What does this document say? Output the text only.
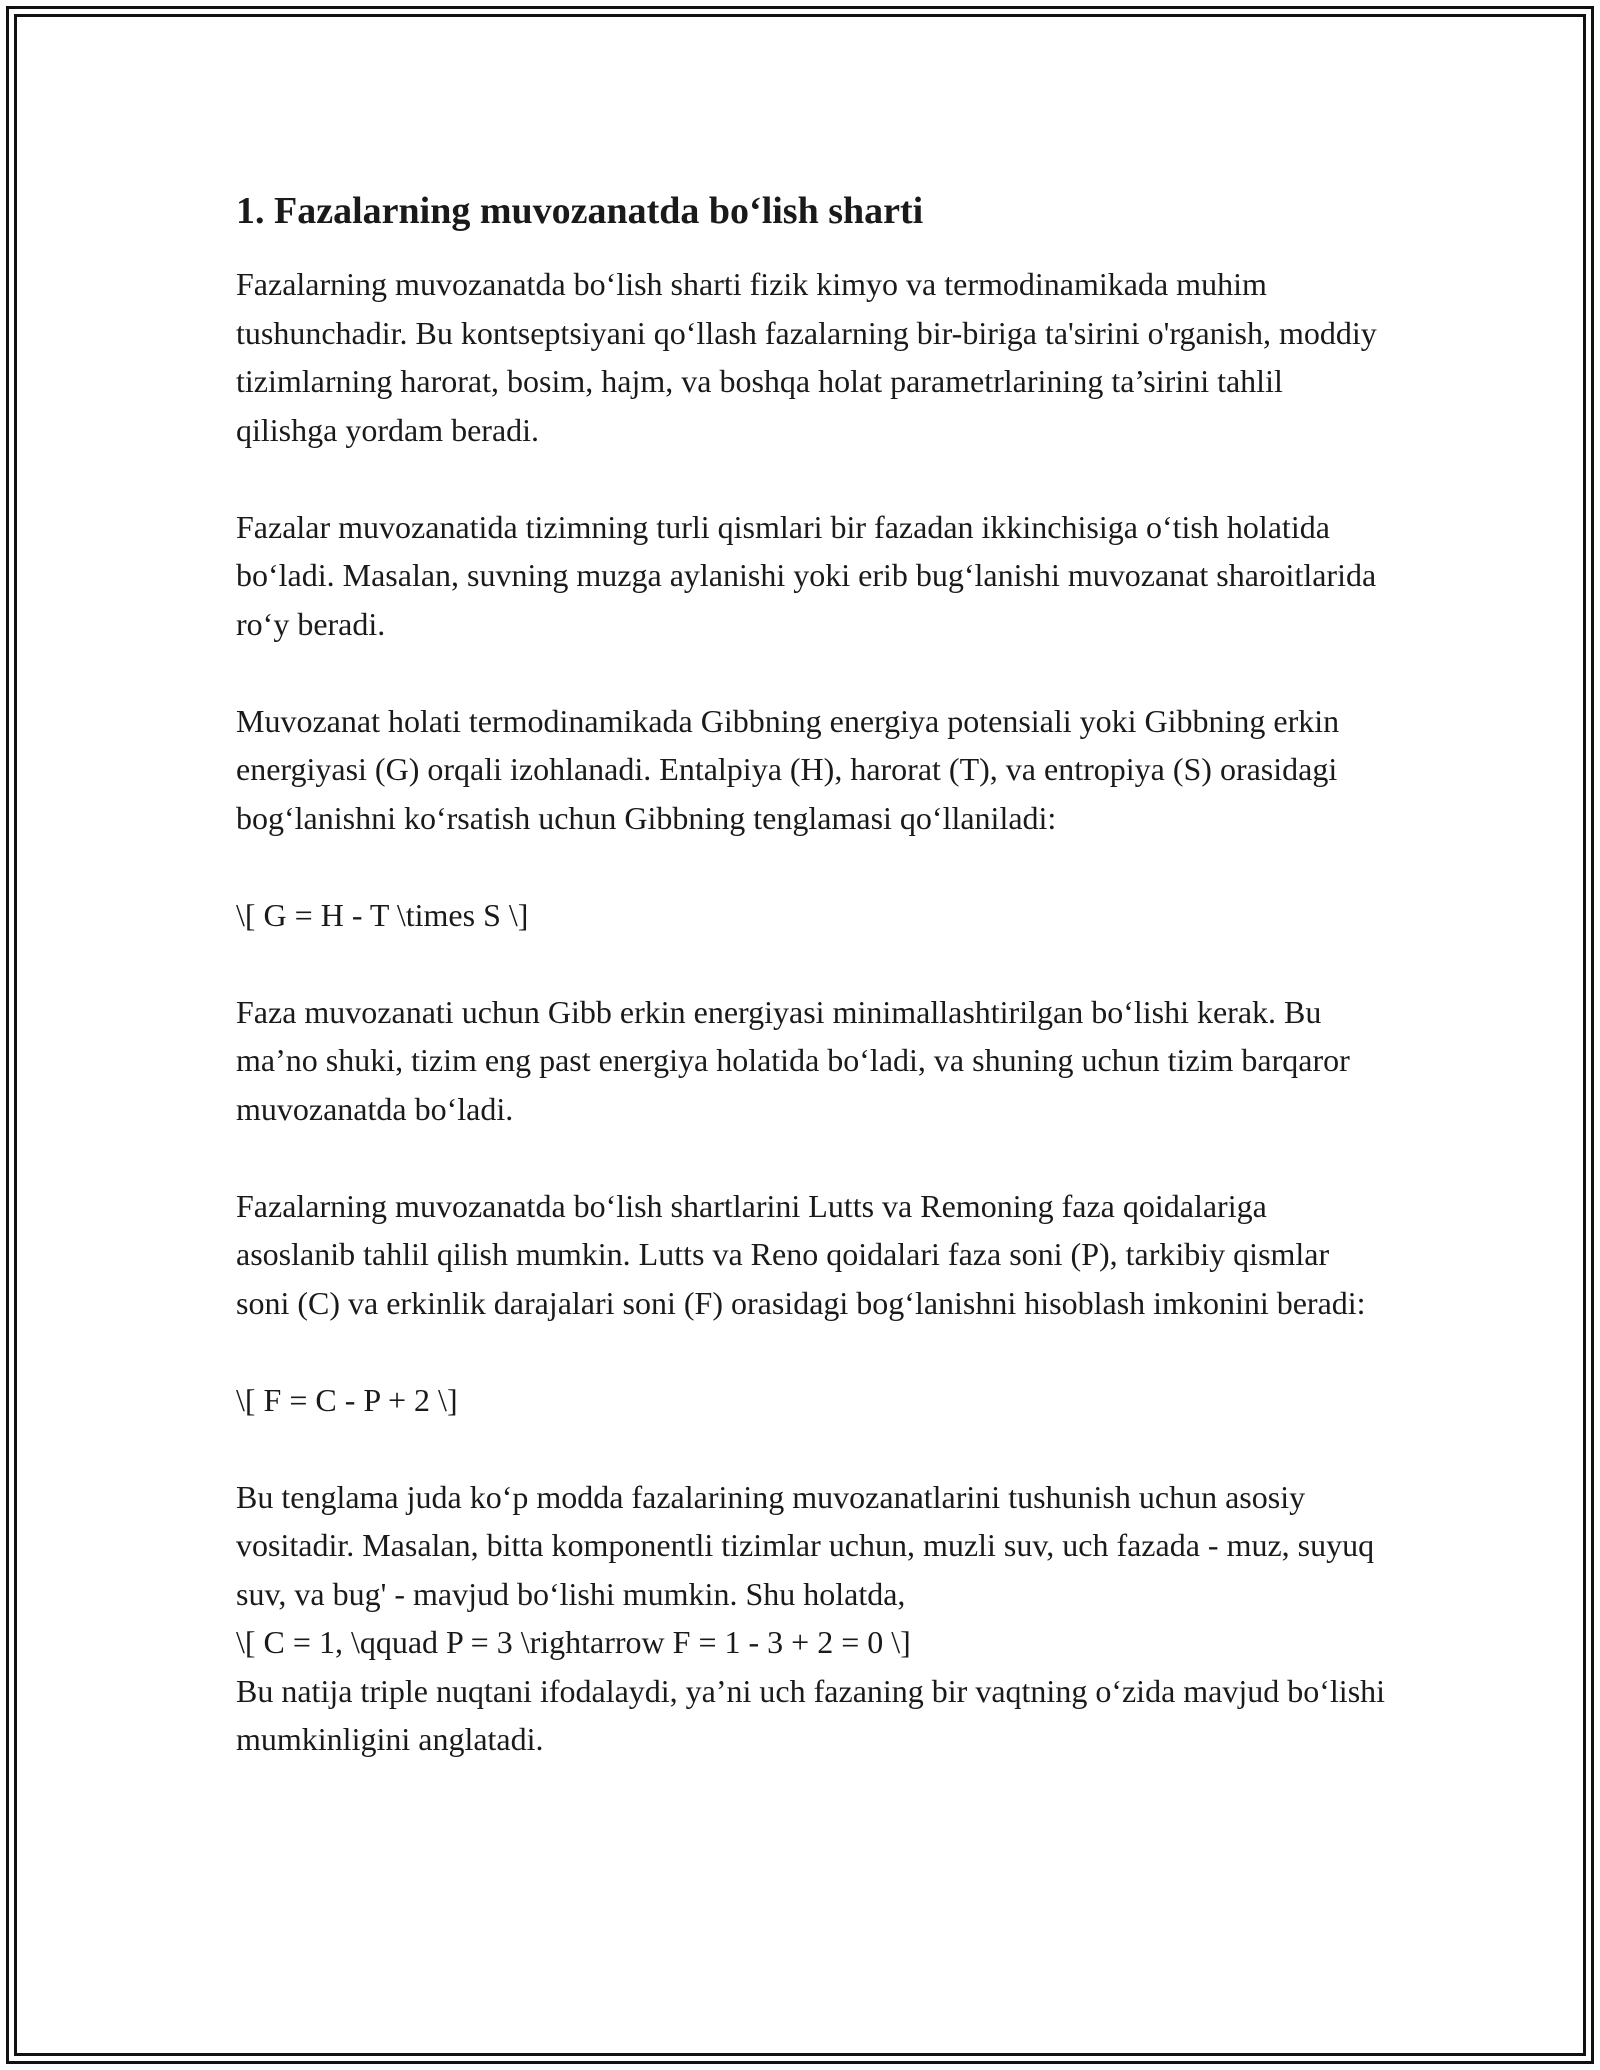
1. Fazalarning muvozanatda bo‘lish sharti

Fazalarning muvozanatda bo‘lish sharti fizik kimyo va termodinamikada muhim tushunchadir. Bu kontseptsiyani qo‘llash fazalarning bir-biriga ta'sirini o'rganish, moddiy tizimlarning harorat, bosim, hajm, va boshqa holat parametrlarining ta’sirini tahlil qilishga yordam beradi.

Fazalar muvozanatida tizimning turli qismlari bir fazadan ikkinchisiga o‘tish holatida bo‘ladi. Masalan, suvning muzga aylanishi yoki erib bug‘lanishi muvozanat sharoitlarida ro‘y beradi.

Muvozanat holati termodinamikada Gibbning energiya potensiali yoki Gibbning erkin energiyasi (G) orqali izohlanadi. Entalpiya (H), harorat (T), va entropiya (S) orasidagi bog‘lanishni ko‘rsatish uchun Gibbning tenglamasi qo‘llaniladi:

\[ G = H - T \times S \]

Faza muvozanati uchun Gibb erkin energiyasi minimallashtirilgan bo‘lishi kerak. Bu ma’no shuki, tizim eng past energiya holatida bo‘ladi, va shuning uchun tizim barqaror muvozanatda bo‘ladi.

Fazalarning muvozanatda bo‘lish shartlarini Lutts va Remoning faza qoidalariga asoslanib tahlil qilish mumkin. Lutts va Reno qoidalari faza soni (P), tarkibiy qismlar soni (C) va erkinlik darajalari soni (F) orasidagi bog‘lanishni hisoblash imkonini beradi:

\[ F = C - P + 2 \]

Bu tenglama juda ko‘p modda fazalarining muvozanatlarini tushunish uchun asosiy vositadir. Masalan, bitta komponentli tizimlar uchun, muzli suv, uch fazada - muz, suyuq suv, va bug' - mavjud bo‘lishi mumkin. Shu holatda,
\[ C = 1, \qquad P = 3 \rightarrow F = 1 - 3 + 2 = 0 \]
Bu natija triple nuqtani ifodalaydi, ya’ni uch fazaning bir vaqtning o‘zida mavjud bo‘lishi mumkinligini anglatadi.
